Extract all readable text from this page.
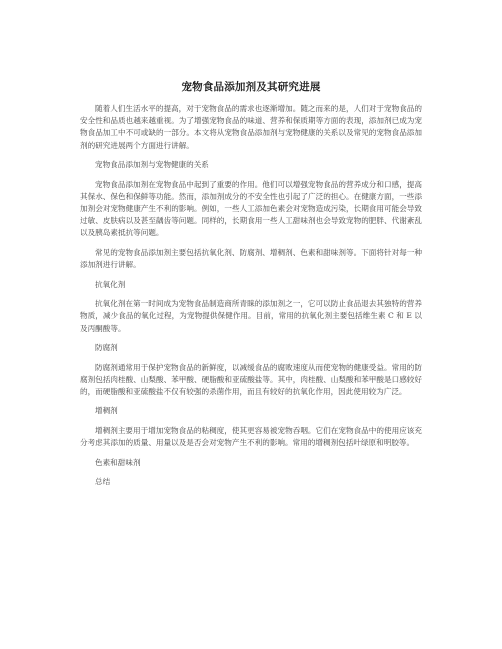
宠物食品添加剂及其研究进展

随着人们生活水平的提高，对于宠物食品的需求也逐渐增加。随之而来的是，人们对于宠物食品的安全性和品质也越来越重视。为了增强宠物食品的味道、营养和保质期等方面的表现，添加剂已成为宠物食品加工中不可或缺的一部分。本文将从宠物食品添加剂与宠物健康的关系以及常见的宠物食品添加剂的研究进展两个方面进行讲解。

宠物食品添加剂与宠物健康的关系

宠物食品添加剂在宠物食品中起到了重要的作用。他们可以增强宠物食品的营养成分和口感，提高其保水、保色和保鲜等功能。然而，添加剂成分的不安全性也引起了广泛的担心。在健康方面，一些添加剂会对宠物健康产生不利的影响。例如，一些人工添加色素会对宠物造成污染，长期食用可能会导致过敏、皮肤病以及甚至龋齿等问题。同样的，长期食用一些人工甜味剂也会导致宠物的肥胖、代谢紊乱以及胰岛素抵抗等问题。

常见的宠物食品添加剂主要包括抗氧化剂、防腐剂、增稠剂、色素和甜味剂等。下面将针对每一种添加剂进行讲解。

抗氧化剂

抗氧化剂在第一时间成为宠物食品制造商所青睐的添加剂之一，它可以防止食品退去其独特的营养物质，减少食品的氧化过程，为宠物提供保健作用。目前，常用的抗氧化剂主要包括维生素 C 和 E 以及丙酮酸等。

防腐剂

防腐剂通常用于保护宠物食品的新鲜度，以减缓食品的腐败速度从而使宠物的健康受益。常用的防腐剂包括肉桂酸、山梨酸、苯甲酸、硬脂酸和亚硫酸盐等。其中，肉桂酸、山梨酸和苯甲酸是口感较好的，而硬脂酸和亚硫酸盐不仅有较强的杀菌作用，而且有较好的抗氧化作用，因此使用较为广泛。

增稠剂

增稠剂主要用于增加宠物食品的粘稠度，使其更容易被宠物吞咽。它们在宠物食品中的使用应该充分考虑其添加的质量、用量以及是否会对宠物产生不利的影响。常用的增稠剂包括叶绿原和明胶等。

色素和甜味剂

总结
